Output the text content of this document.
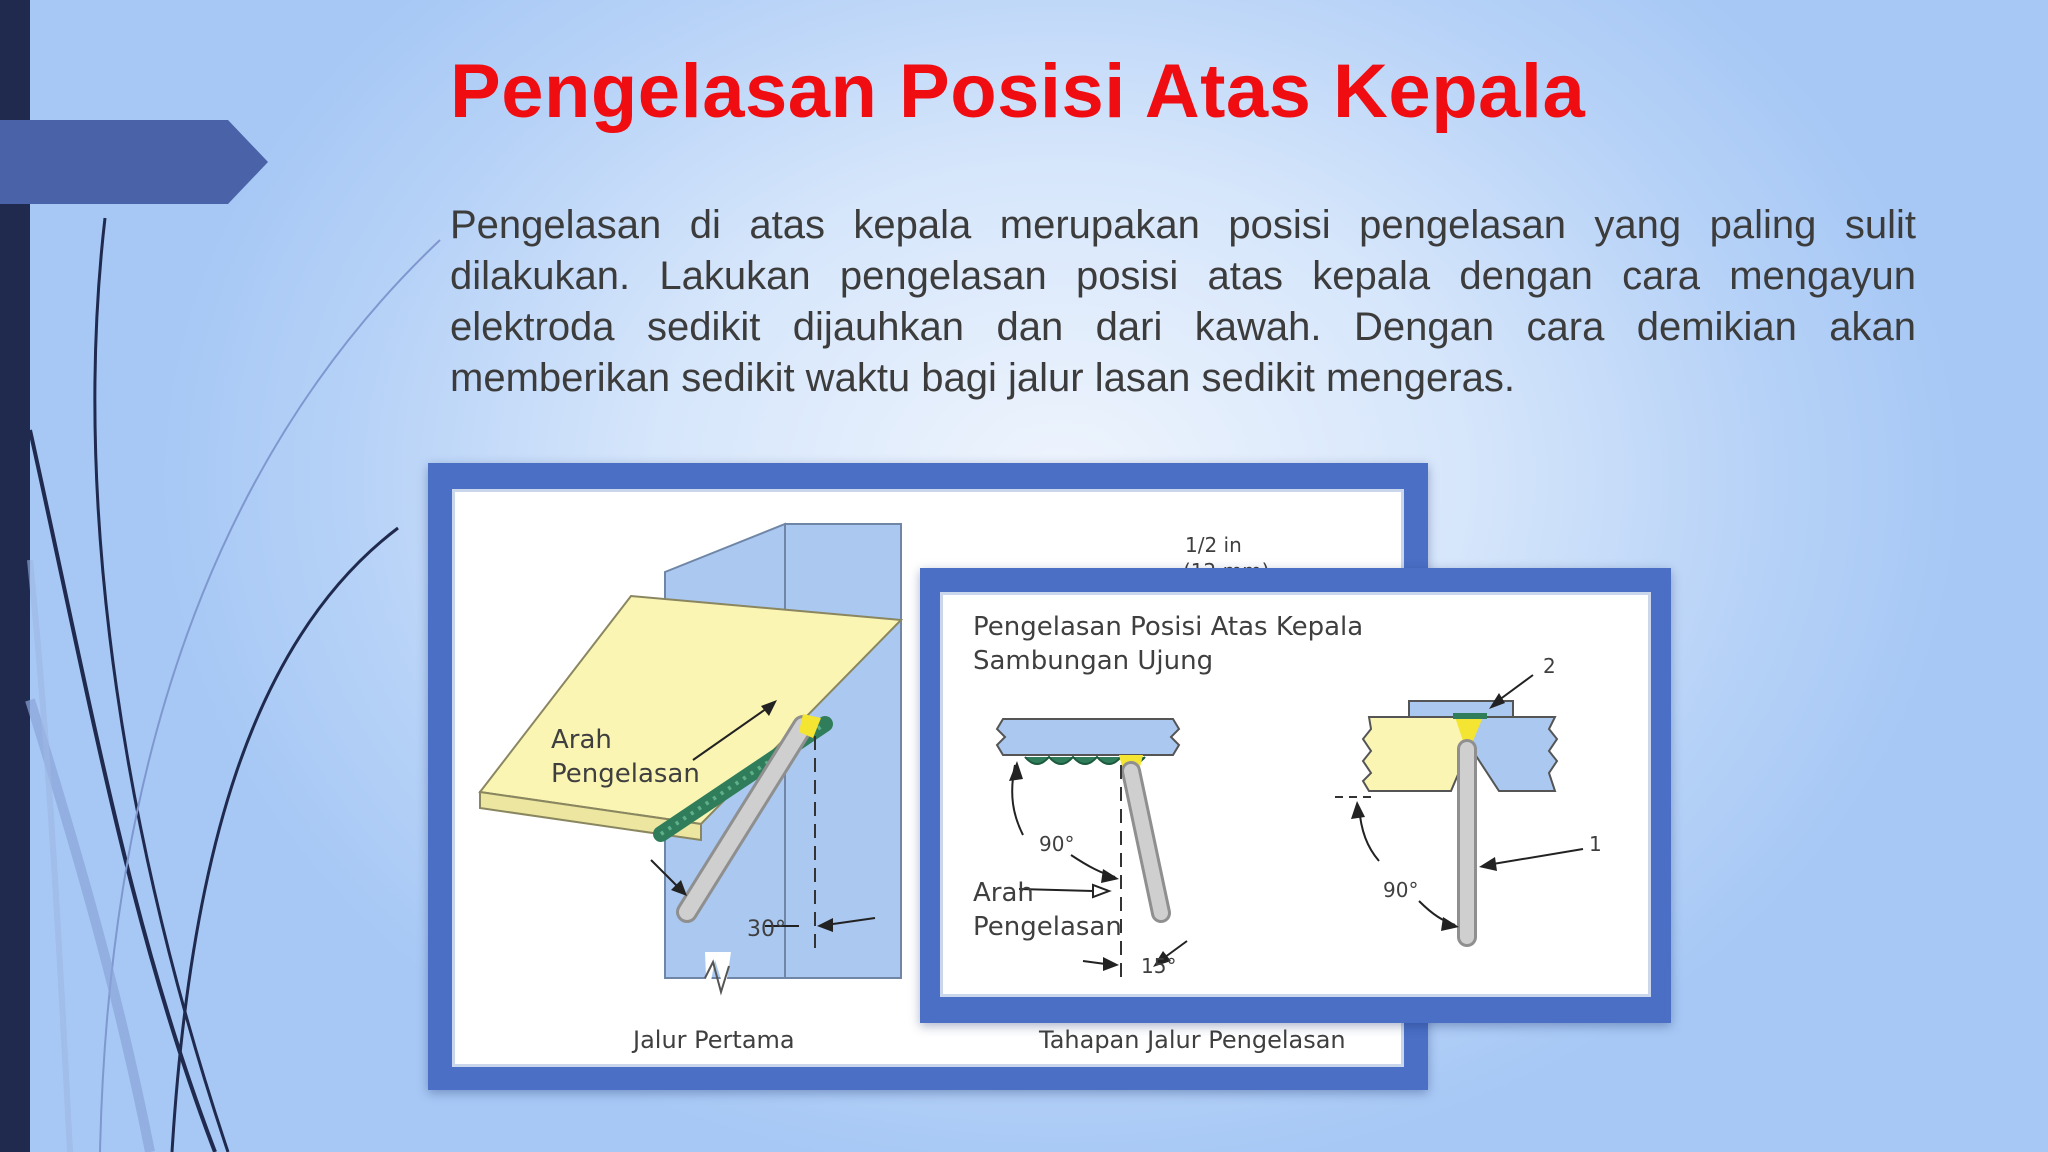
Pengelasan Posisi Atas Kepala

Pengelasan di atas kepala merupakan posisi pengelasan yang paling sulit dilakukan. Lakukan pengelasan posisi atas kepala dengan cara mengayun elektroda sedikit dijauhkan dan dari kawah. Dengan cara demikian akan memberikan sedikit waktu bagi jalur lasan sedikit mengeras.

1/2 in
Arah
Pengelasan
30°
Jalur Pertama	Tahapan Jalur Pengelasan
Pengelasan Posisi Atas Kepala
Sambungan Ujung
90°
Arah
Pengelasan
15°
2
1
90°
